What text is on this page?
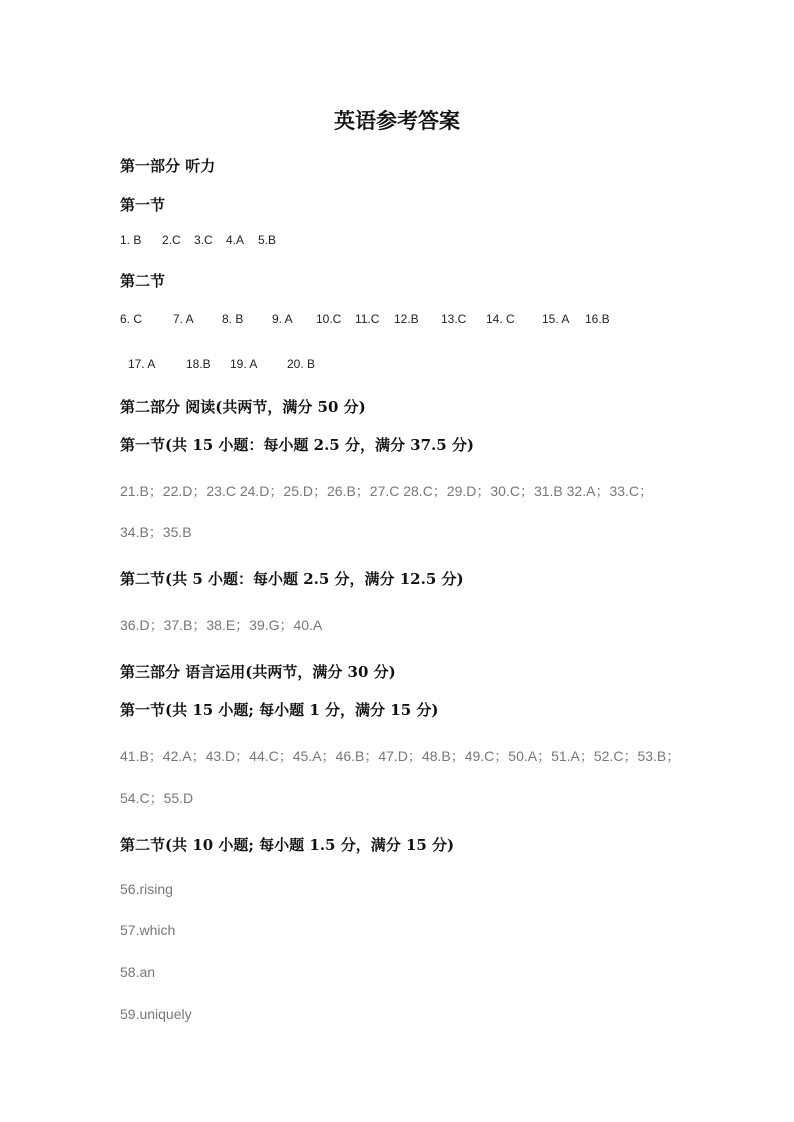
英语参考答案
第一部分 听力
第一节
1. B 2.C 3.C 4.A 5.B
第二节
6. C	7. A 8. B 9. A 10.C 11.C 12.B 13.C 14. C 15. A 16.B
17. A	18.B 19. A 20. B
第二部分 阅读(共两节，满分 50 分)
第一节(共 15 小题：每小题 2.5 分，满分 37.5 分)
21.B；22.D；23.C 24.D；25.D；26.B；27.C 28.C；29.D；30.C；31.B 32.A；33.C；
34.B；35.B
第二节(共 5 小题：每小题 2.5 分，满分 12.5 分)
36.D；37.B；38.E；39.G；40.A
第三部分 语言运用(共两节，满分 30 分)
第一节(共 15 小题; 每小题 1 分，满分 15 分)
41.B；42.A；43.D；44.C；45.A；46.B；47.D；48.B；49.C；50.A；51.A；52.C；53.B；
54.C；55.D
第二节(共 10 小题; 每小题 1.5 分，满分 15 分)
56.rising
57.which
58.an
59.uniquely
